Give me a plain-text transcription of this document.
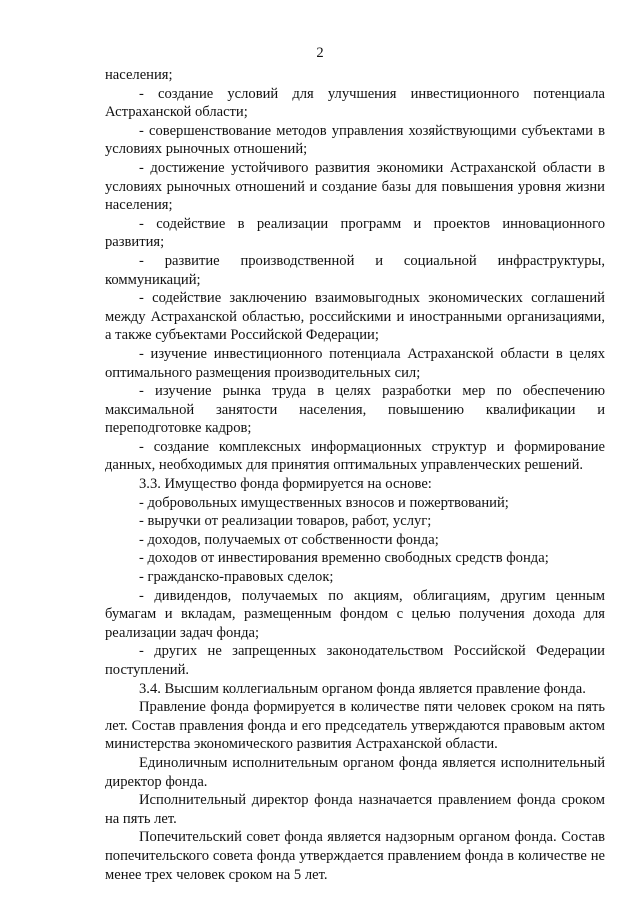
2

населения;

- создание условий для улучшения инвестиционного потенциала Астраханской области;

- совершенствование методов управления хозяйствующими субъектами в условиях рыночных отношений;

- достижение устойчивого развития экономики Астраханской области в условиях рыночных отношений и создание базы для повышения уровня жизни населения;

- содействие в реализации программ и проектов инновационного развития;

- развитие производственной и социальной инфраструктуры, коммуникаций;

- содействие заключению взаимовыгодных экономических соглашений между Астраханской областью, российскими и иностранными организациями, а также субъектами Российской Федерации;

- изучение инвестиционного потенциала Астраханской области в целях оптимального размещения производительных сил;

- изучение рынка труда в целях разработки мер по обеспечению максимальной занятости населения, повышению квалификации и переподготовке кадров;

- создание комплексных информационных структур и формирование данных, необходимых для принятия оптимальных управленческих решений.

3.3. Имущество фонда формируется на основе:

- добровольных имущественных взносов и пожертвований;

- выручки от реализации товаров, работ, услуг;

- доходов, получаемых от собственности фонда;

- доходов от инвестирования временно свободных средств фонда;

- гражданско-правовых сделок;

- дивидендов, получаемых по акциям, облигациям, другим ценным бумагам и вкладам, размещенным фондом с целью получения дохода для реализации задач фонда;

- других не запрещенных законодательством Российской Федерации поступлений.

3.4. Высшим коллегиальным органом фонда является правление фонда.

Правление фонда формируется в количестве пяти человек сроком на пять лет. Состав правления фонда и его председатель утверждаются правовым актом министерства экономического развития Астраханской области.

Единоличным исполнительным органом фонда является исполнительный директор фонда.

Исполнительный директор фонда назначается правлением фонда сроком на пять лет.

Попечительский совет фонда является надзорным органом фонда. Состав попечительского совета фонда утверждается правлением фонда в количестве не менее трех человек сроком на 5 лет.
